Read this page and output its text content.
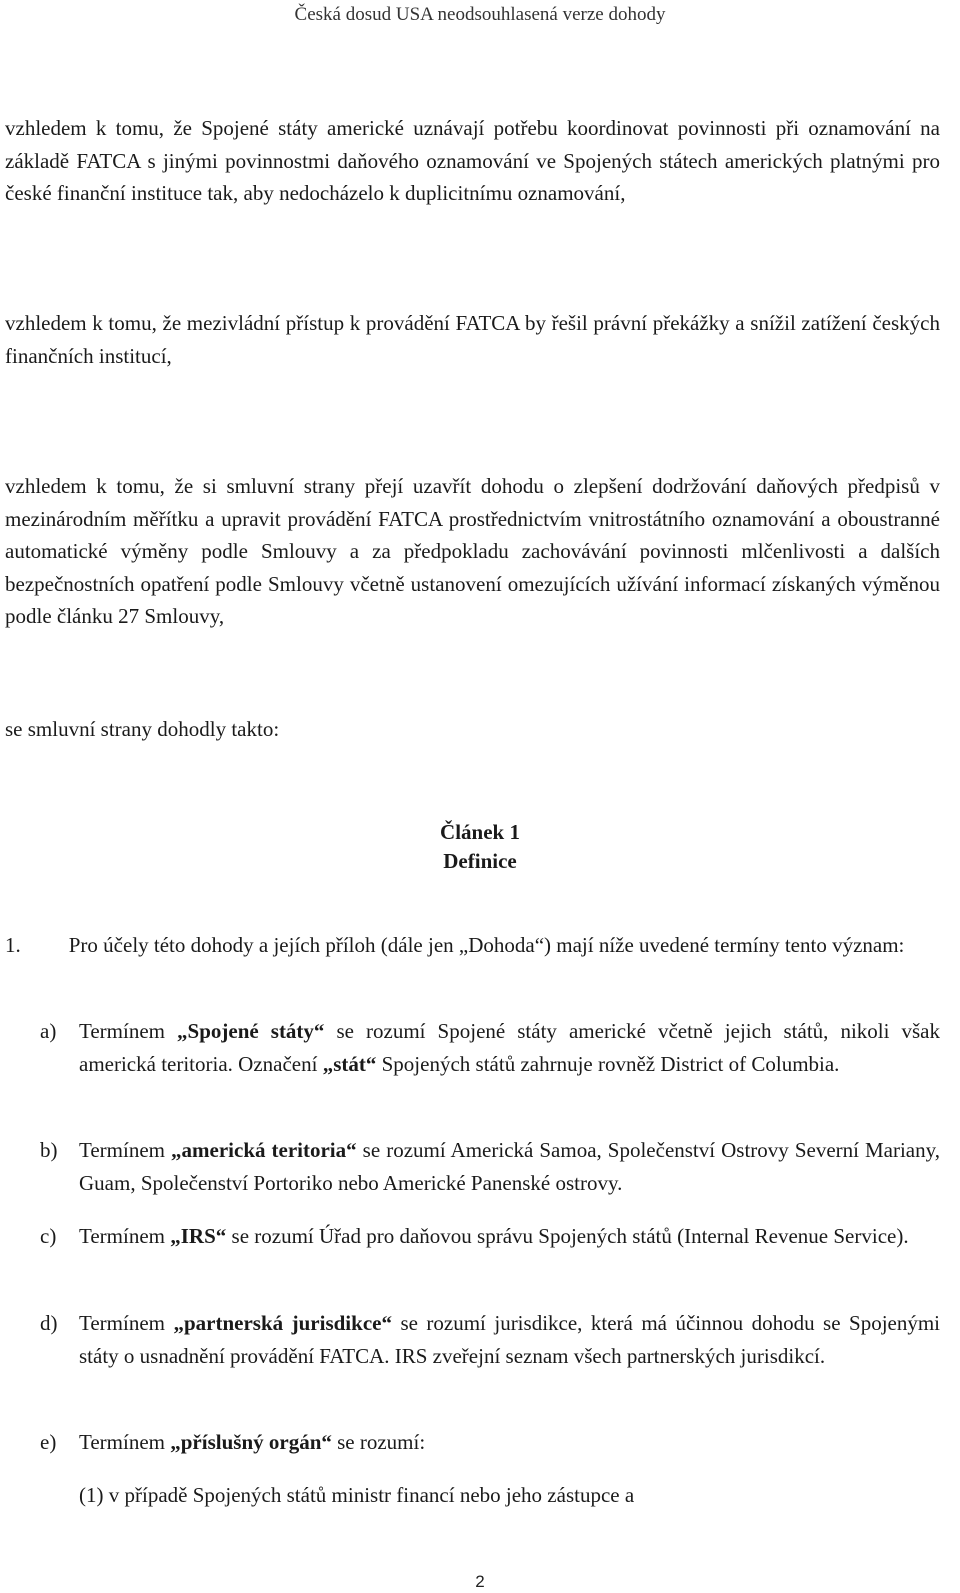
Česká dosud USA neodsouhlasená verze dohody

vzhledem k tomu, že Spojené státy americké uznávají potřebu koordinovat povinnosti při oznamování na základě FATCA s jinými povinnostmi daňového oznamování ve Spojených státech amerických platnými pro české finanční instituce tak, aby nedocházelo k duplicitnímu oznamování,

vzhledem k tomu, že mezivládní přístup k provádění FATCA by řešil právní překážky a snížil zatížení českých finančních institucí,

vzhledem k tomu, že si smluvní strany přejí uzavřít dohodu o zlepšení dodržování daňových předpisů v mezinárodním měřítku a upravit provádění FATCA prostřednictvím vnitrostátního oznamování a oboustranné automatické výměny podle Smlouvy a za předpokladu zachovávání povinnosti mlčenlivosti a dalších bezpečnostních opatření podle Smlouvy včetně ustanovení omezujících užívání informací získaných výměnou podle článku 27 Smlouvy,

se smluvní strany dohodly takto:

Článek 1
Definice

1. Pro účely této dohody a jejích příloh (dále jen „Dohoda“) mají níže uvedené termíny tento význam:

a) Termínem „Spojené státy“ se rozumí Spojené státy americké včetně jejich států, nikoli však americká teritoria. Označení „stát“ Spojených států zahrnuje rovněž District of Columbia.
b) Termínem „americká teritoria“ se rozumí Americká Samoa, Společenství Ostrovy Severní Mariany, Guam, Společenství Portoriko nebo Americké Panenské ostrovy.
c) Termínem „IRS“ se rozumí Úřad pro daňovou správu Spojených států (Internal Revenue Service).
d) Termínem „partnerská jurisdikce“ se rozumí jurisdikce, která má účinnou dohodu se Spojenými státy o usnadnění provádění FATCA. IRS zveřejní seznam všech partnerských jurisdikcí.
e) Termínem „příslušný orgán“ se rozumí:
(1) v případě Spojených států ministr financí nebo jeho zástupce a
2
